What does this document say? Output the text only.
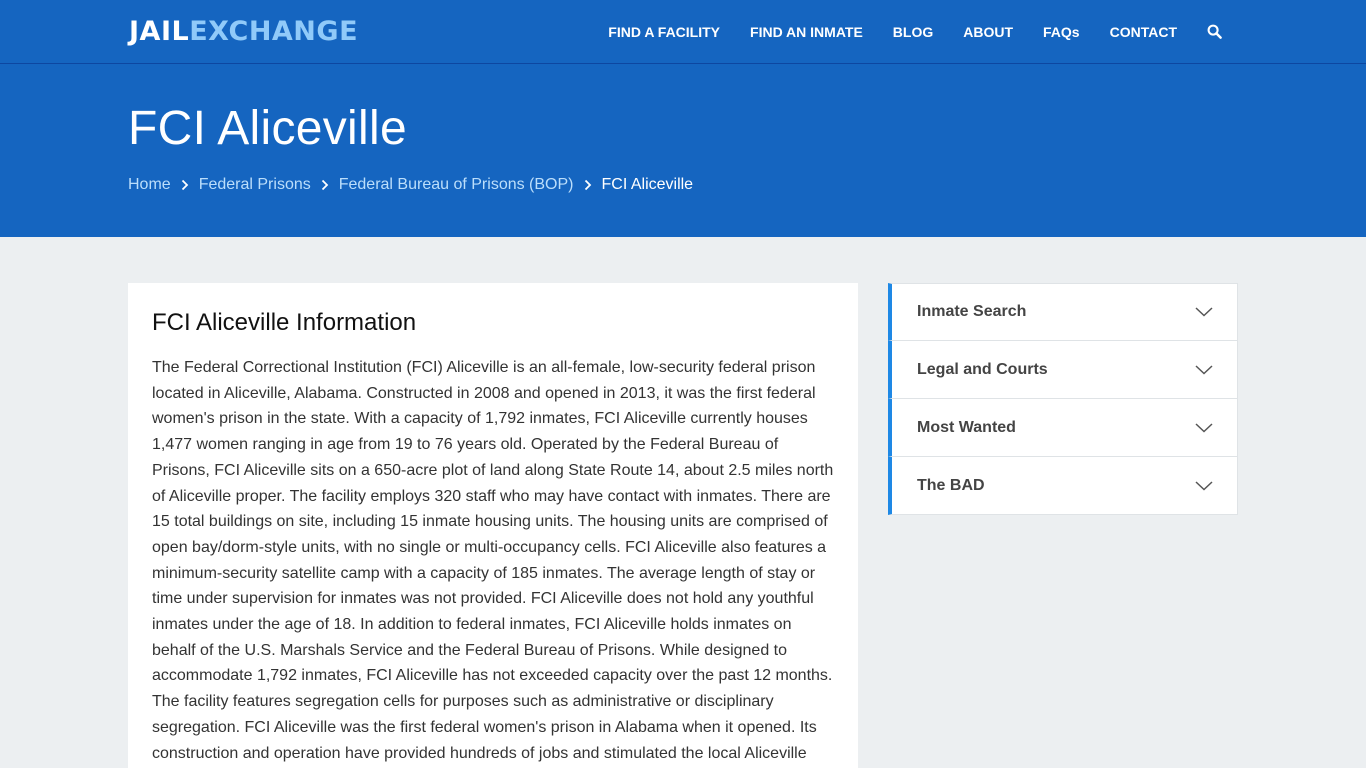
JAILEXCHANGE	FIND A FACILITY FIND AN INMATE BLOG ABOUT FAQs CONTACT
FCI Aliceville
Home Federal Prisons Federal Bureau of Prisons (BOP) FCI Aliceville
FCI Aliceville Information

The Federal Correctional Institution (FCI) Aliceville is an all-female, low-security federal prison located in Aliceville, Alabama. Constructed in 2008 and opened in 2013, it was the first federal women's prison in the state. With a capacity of 1,792 inmates, FCI Aliceville currently houses 1,477 women ranging in age from 19 to 76 years old. Operated by the Federal Bureau of Prisons, FCI Aliceville sits on a 650-acre plot of land along State Route 14, about 2.5 miles north of Aliceville proper. The facility employs 320 staff who may have contact with inmates. There are 15 total buildings on site, including 15 inmate housing units. The housing units are comprised of open bay/dorm-style units, with no single or multi-occupancy cells. FCI Aliceville also features a minimum-security satellite camp with a capacity of 185 inmates. The average length of stay or time under supervision for inmates was not provided. FCI Aliceville does not hold any youthful inmates under the age of 18. In addition to federal inmates, FCI Aliceville holds inmates on behalf of the U.S. Marshals Service and the Federal Bureau of Prisons. While designed to accommodate 1,792 inmates, FCI Aliceville has not exceeded capacity over the past 12 months. The facility features segregation cells for purposes such as administrative or disciplinary segregation. FCI Aliceville was the first federal women's prison in Alabama when it opened. Its construction and operation have provided hundreds of jobs and stimulated the local Aliceville

Inmate Search
Legal and Courts
Most Wanted
The BAD
